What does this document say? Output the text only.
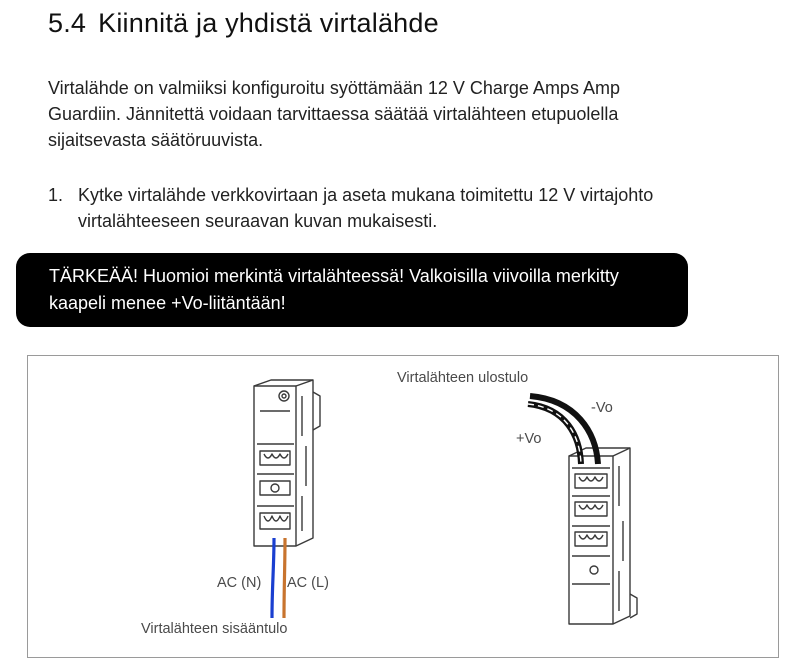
5.4 Kiinnitä ja yhdistä virtalähde

Virtalähde on valmiiksi konfiguroitu syöttämään 12 V Charge Amps Amp Guardiin. Jännitettä voidaan tarvittaessa säätää virtalähteen etupuolella sijaitsevasta säätöruuvista.

1. Kytke virtalähde verkkovirtaan ja aseta mukana toimitettu 12 V virtajohto virtalähteeseen seuraavan kuvan mukaisesti.
TÄRKEÄÄ! Huomioi merkintä virtalähteessä! Valkoisilla viivoilla merkitty kaapeli menee +Vo-liitäntään!
Virtalähteen ulostulo
-Vo
+Vo
AC (N) AC (L)
Virtalähteen sisääntulo
